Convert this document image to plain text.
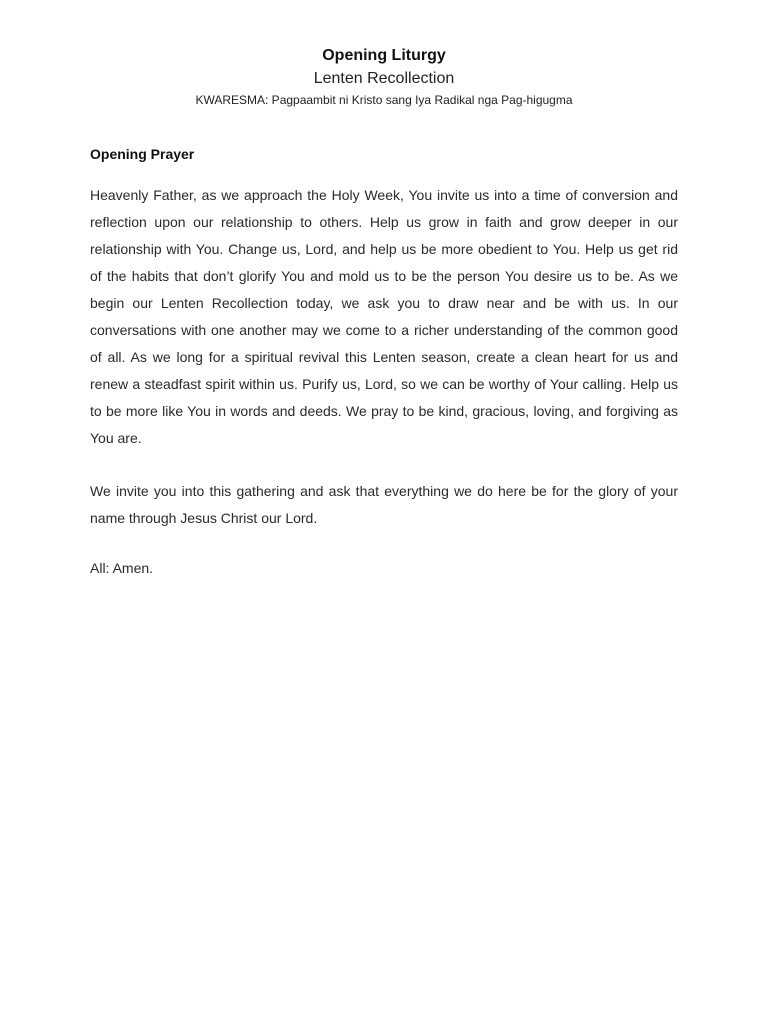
Opening Liturgy
Lenten Recollection
KWARESMA: Pagpaambit ni Kristo sang Iya Radikal nga Pag-higugma
Opening Prayer

Heavenly Father, as we approach the Holy Week, You invite us into a time of conversion and reflection upon our relationship to others. Help us grow in faith and grow deeper in our relationship with You. Change us, Lord, and help us be more obedient to You. Help us get rid of the habits that don’t glorify You and mold us to be the person You desire us to be. As we begin our Lenten Recollection today, we ask you to draw near and be with us. In our conversations with one another may we come to a richer understanding of the common good of all. As we long for a spiritual revival this Lenten season, create a clean heart for us and renew a steadfast spirit within us. Purify us, Lord, so we can be worthy of Your calling. Help us to be more like You in words and deeds. We pray to be kind, gracious, loving, and forgiving as You are.

We invite you into this gathering and ask that everything we do here be for the glory of your name through Jesus Christ our Lord.

All: Amen.
